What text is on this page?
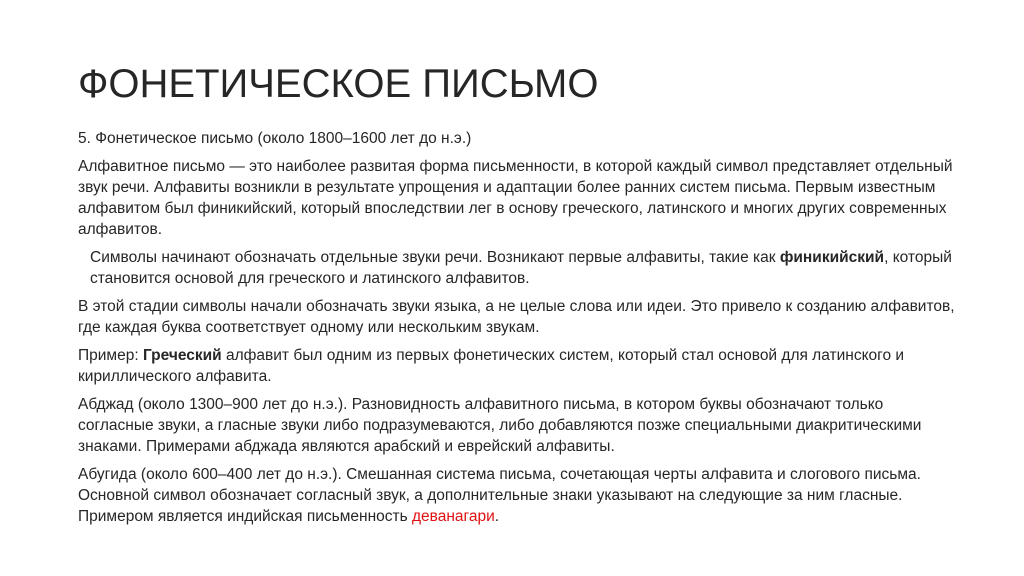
ФОНЕТИЧЕСКОЕ ПИСЬМО

5. Фонетическое письмо (около 1800–1600 лет до н.э.)

Алфавитное письмо — это наиболее развитая форма письменности, в которой каждый символ представляет отдельный звук речи. Алфавиты возникли в результате упрощения и адаптации более ранних систем письма. Первым известным алфавитом был финикийский, который впоследствии лег в основу греческого, латинского и многих других современных алфавитов.

Символы начинают обозначать отдельные звуки речи. Возникают первые алфавиты, такие как финикийский, который становится основой для греческого и латинского алфавитов.

В этой стадии символы начали обозначать звуки языка, а не целые слова или идеи. Это привело к созданию алфавитов, где каждая буква соответствует одному или нескольким звукам.

Пример: Греческий алфавит был одним из первых фонетических систем, который стал основой для латинского и кириллического алфавита.

Абджад (около 1300–900 лет до н.э.). Разновидность алфавитного письма, в котором буквы обозначают только согласные звуки, а гласные звуки либо подразумеваются, либо добавляются позже специальными диакритическими знаками. Примерами абджада являются арабский и еврейский алфавиты.

Абугида (около 600–400 лет до н.э.). Смешанная система письма, сочетающая черты алфавита и слогового письма. Основной символ обозначает согласный звук, а дополнительные знаки указывают на следующие за ним гласные. Примером является индийская письменность деванагари.
